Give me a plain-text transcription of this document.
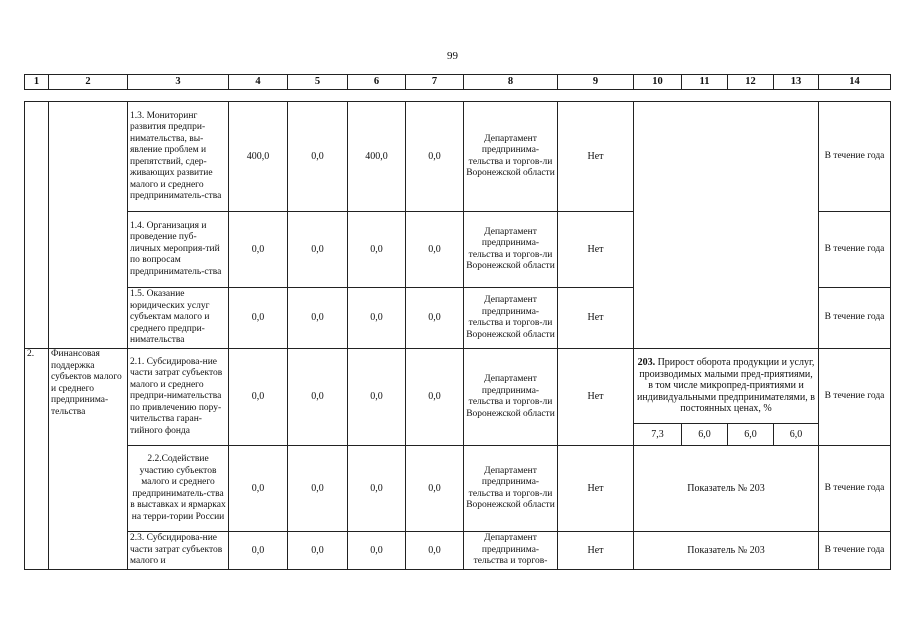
99
1	2	3	4	5	6	7	8	9	10	11	12	13	14
		1.3. Мониторинг развития предпри-нимательства, вы-явление проблем и препятствий, сдер-живающих развитие малого и среднего предприниматель-ства	400,0	0,0	400,0	0,0	Департамент предпринима-тельства и торгов-ли Воронежской области	Нет					В течение года
		1.4. Организация и проведение пуб-личных мероприя-тий по вопросам предприниматель-ства	0,0	0,0	0,0	0,0	Департамент предпринима-тельства и торгов-ли Воронежской области	Нет					В течение года
		1.5. Оказание юридических услуг субъектам малого и среднего предпри-нимательства	0,0	0,0	0,0	0,0	Департамент предпринима-тельства и торгов-ли Воронежской области	Нет					В течение года
2.	Финансовая поддержка субъектов малого и среднего предпринима-тельства	2.1. Субсидирова-ние части затрат субъектов малого и среднего предпри-нимательства по привлечению пору-чительства гаран-тийного фонда	0,0	0,0	0,0	0,0	Департамент предпринима-тельства и торгов-ли Воронежской области	Нет	203. Прирост оборота продукции и услуг, производимых малыми пред-приятиями, в том числе микропред-приятиями и индивидуальными предпринимателями, в постоянных ценах, %				В течение года
									7,3	6,0	6,0	6,0	
		2.2.Содействие участию субъектов малого и среднего предприниматель-ства в выставках и ярмарках на терри-тории России	0,0	0,0	0,0	0,0	Департамент предпринима-тельства и торгов-ли Воронежской области	Нет	Показатель № 203				В течение года
		2.3. Субсидирова-ние части затрат субъектов малого и	0,0	0,0	0,0	0,0	Департамент предпринима-тельства и торгов-	Нет	Показатель № 203				В течение года
